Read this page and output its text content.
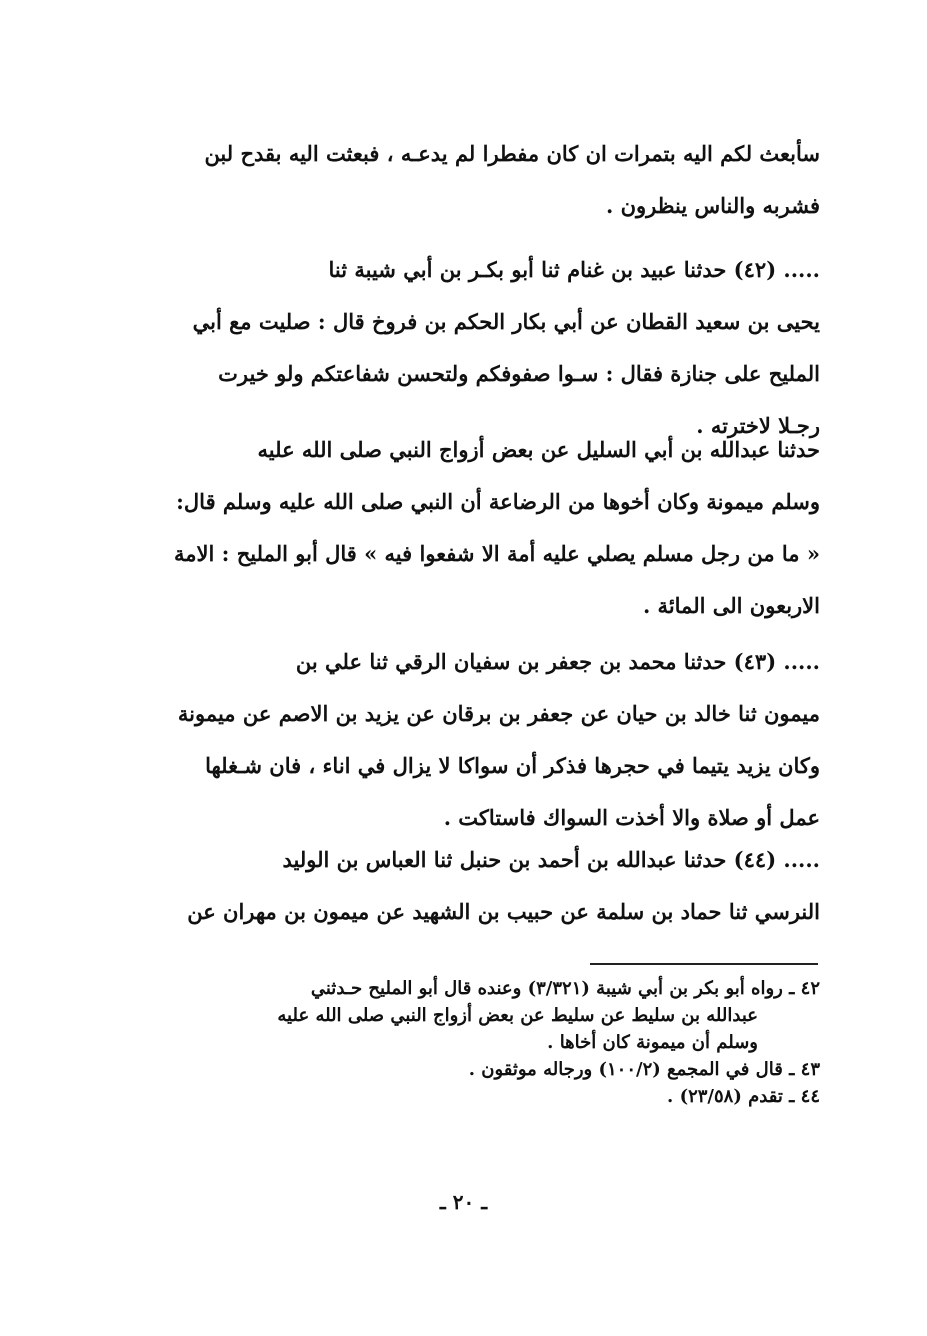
سأبعث لكم اليه بتمرات ان كان مفطرا لم يدعـه ، فبعثت اليه بقدح لبن
فشربه والناس ينظرون .
..... (٤٢) حدثنا عبيد بن غنام ثنا أبو بكـر بن أبي شيبة ثنا
يحيى بن سعيد القطان عن أبي بكار الحكم بن فروخ قال : صليت مع أبي
المليح على جنازة فقال : سـوا صفوفكم ولتحسن شفاعتكم ولو خيرت
رجـلا لاخترته .
حدثنا عبدالله بن أبي السليل عن بعض أزواج النبي صلى الله عليه
وسلم ميمونة وكان أخوها من الرضاعة أن النبي صلى الله عليه وسلم قال:
« ما من رجل مسلم يصلي عليه أمة الا شفعوا فيه » قال أبو المليح : الامة
الاربعون الى المائة .
..... (٤٣) حدثنا محمد بن جعفر بن سفيان الرقي ثنا علي بن
ميمون ثنا خالد بن حيان عن جعفر بن برقان عن يزيد بن الاصم عن ميمونة
وكان يزيد يتيما في حجرها فذكر أن سواكا لا يزال في اناء ، فان شـغلها
عمل أو صلاة والا أخذت السواك فاستاكت .
..... (٤٤) حدثنا عبدالله بن أحمد بن حنبل ثنا العباس بن الوليد
النرسي ثنا حماد بن سلمة عن حبيب بن الشهيد عن ميمون بن مهران عن
٤٢ ـ رواه أبو بكر بن أبي شيبة (٣/٣٢١) وعنده قال أبو المليح حـدثني
عبدالله بن سليط عن سليط عن بعض أزواج النبي صلى الله عليه
وسلم أن ميمونة كان أخاها .
٤٣ ـ قال في المجمع (١٠٠/٢) ورجاله موثقون .
٤٤ ـ تقدم (٢٣/٥٨) .
ـ ٢٠ ـ
